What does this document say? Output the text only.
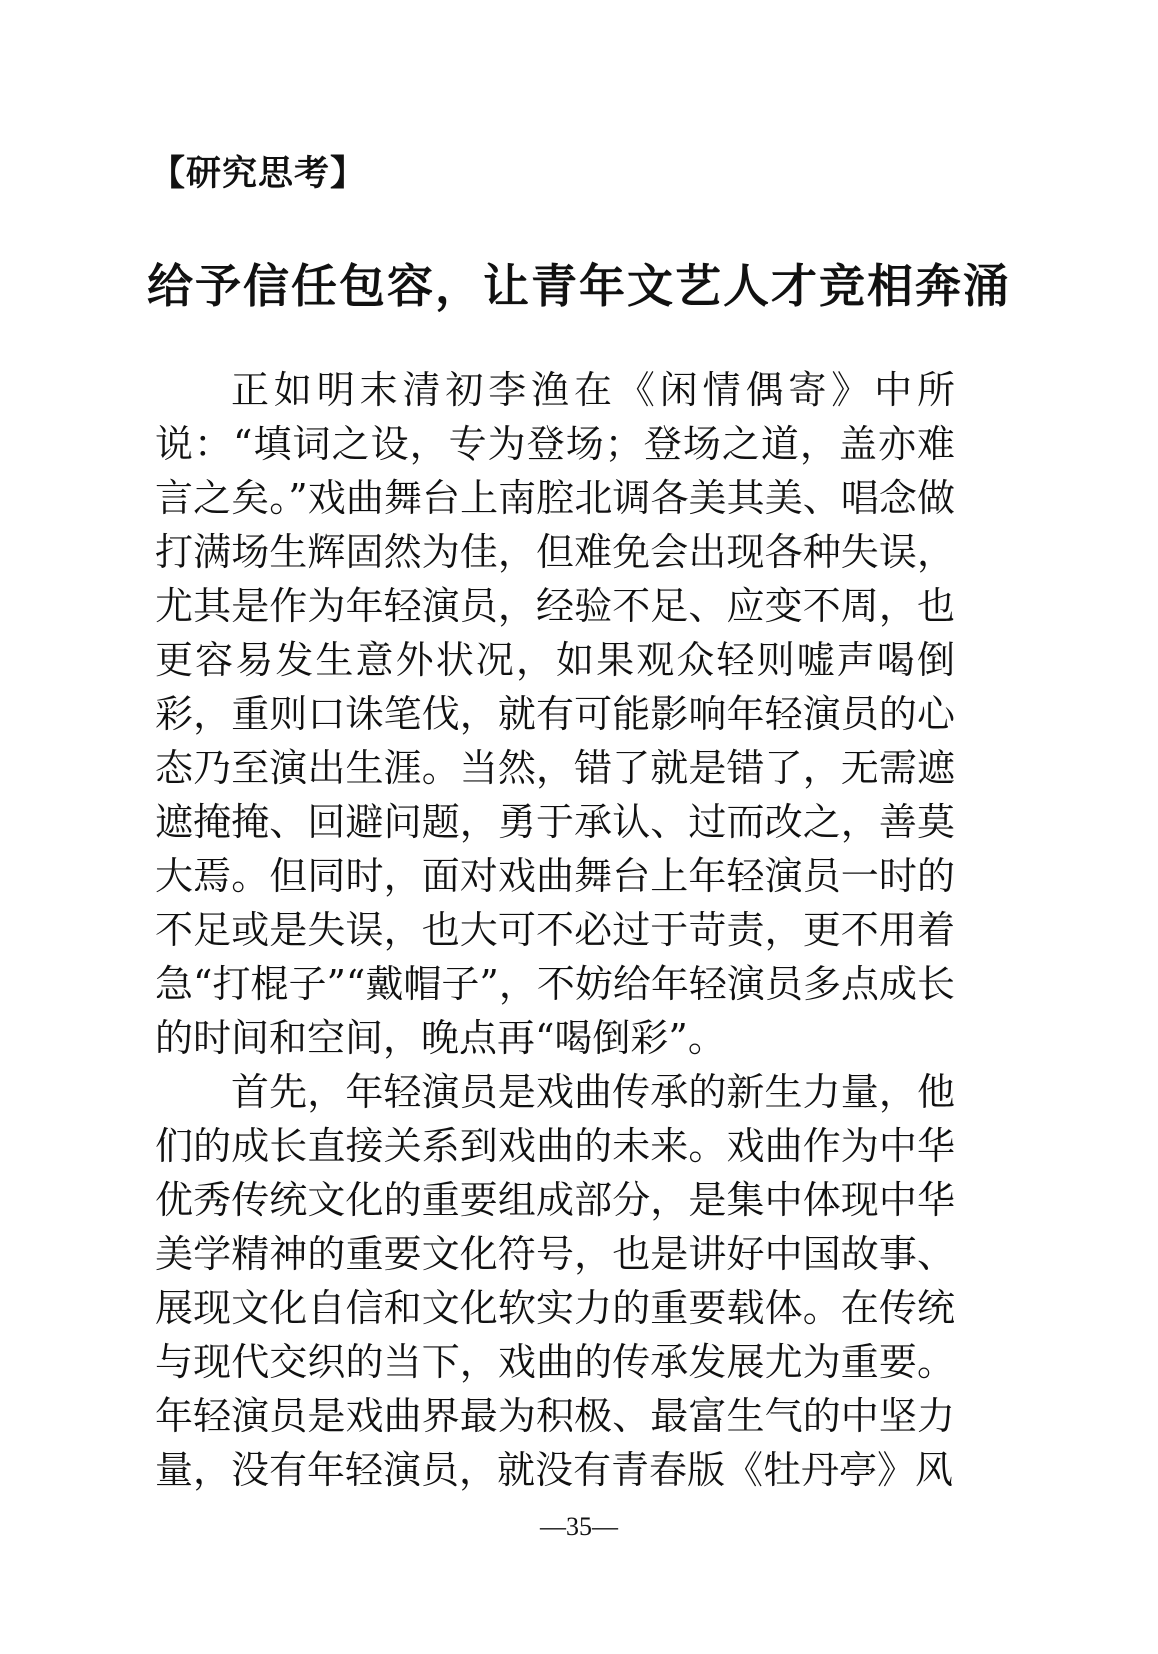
【研究思考】
给予信任包容，让青年文艺人才竞相奔涌

正如明末清初李渔在《闲情偶寄》中所说：“填词之设，专为登场；登场之道，盖亦难言之矣。”戏曲舞台上南腔北调各美其美、唱念做打满场生辉固然为佳，但难免会出现各种失误，尤其是作为年轻演员，经验不足、应变不周，也更容易发生意外状况，如果观众轻则嘘声喝倒彩，重则口诛笔伐，就有可能影响年轻演员的心态乃至演出生涯。当然，错了就是错了，无需遮遮掩掩、回避问题，勇于承认、过而改之，善莫大焉。但同时，面对戏曲舞台上年轻演员一时的不足或是失误，也大可不必过于苛责，更不用着急“打棍子”“戴帽子”，不妨给年轻演员多点成长的时间和空间，晚点再“喝倒彩”。

首先，年轻演员是戏曲传承的新生力量，他们的成长直接关系到戏曲的未来。戏曲作为中华优秀传统文化的重要组成部分，是集中体现中华美学精神的重要文化符号，也是讲好中国故事、展现文化自信和文化软实力的重要载体。在传统与现代交织的当下，戏曲的传承发展尤为重要。年轻演员是戏曲界最为积极、最富生气的中坚力量，没有年轻演员，就没有青春版《牡丹亭》风

—35—
